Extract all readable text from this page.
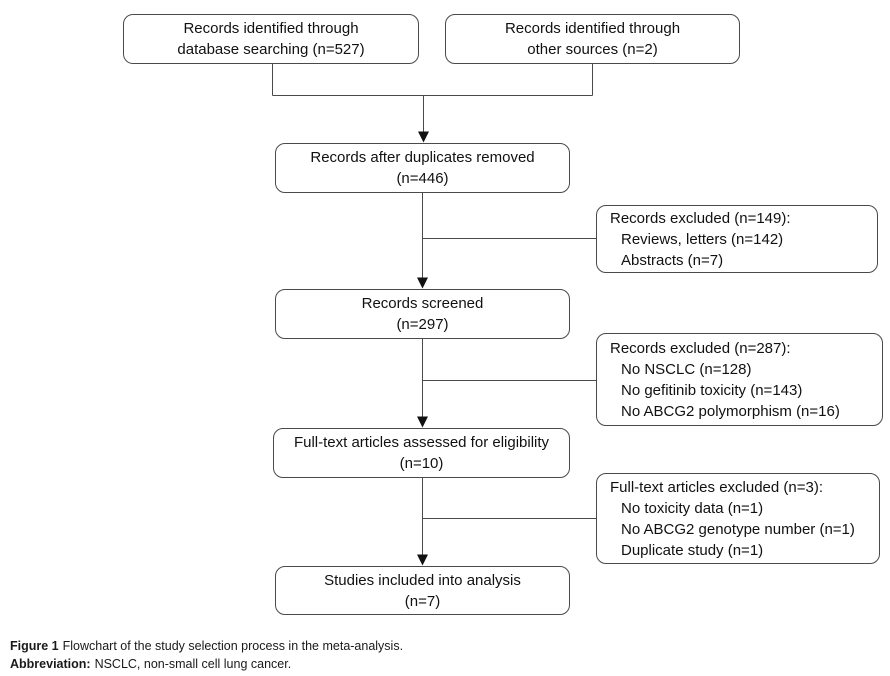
Records identified through
database searching (n=527)
Records identified through
other sources (n=2)
Records after duplicates removed
(n=446)
Records excluded (n=149):
Reviews, letters (n=142)
Abstracts (n=7)
Records screened
(n=297)
Records excluded (n=287):
No NSCLC (n=128)
No gefitinib toxicity (n=143)
No ABCG2 polymorphism (n=16)
Full-text articles assessed for eligibility
(n=10)
Full-text articles excluded (n=3):
No toxicity data (n=1)
No ABCG2 genotype number (n=1)
Duplicate study (n=1)
Studies included into analysis
(n=7)
Figure 1 Flowchart of the study selection process in the meta-analysis.
Abbreviation: NSCLC, non-small cell lung cancer.
